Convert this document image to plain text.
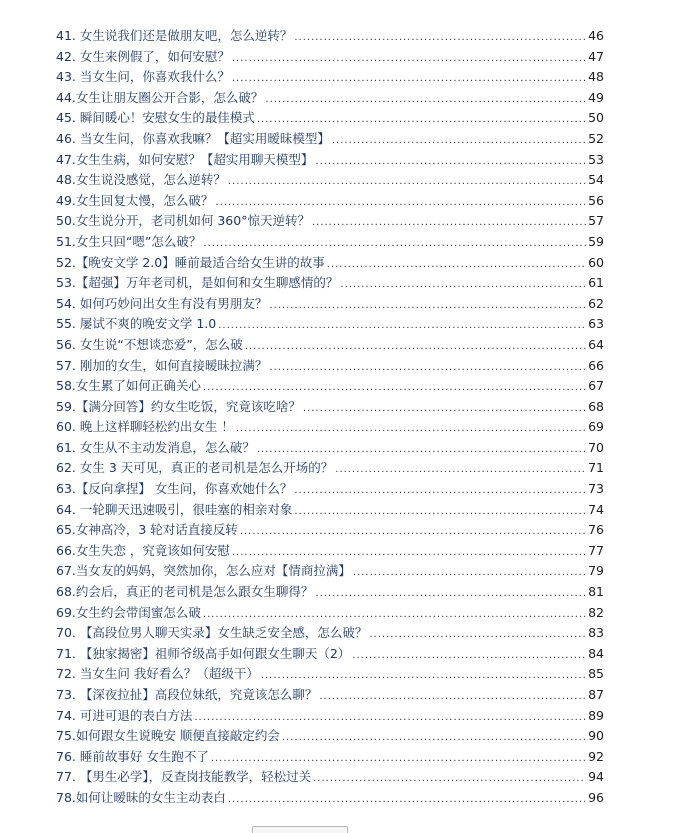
41. 女生说我们还是做朋友吧，怎么逆转？ .....	46
42. 女生来例假了，如何安慰？ .....	47
43. 当女生问，你喜欢我什么？ .....	48
44.女生让朋友圈公开合影，怎么破？ .....	49
45. 瞬间暖心！安慰女生的最佳模式 .....	50
46. 当女生问，你喜欢我嘛？【超实用暧昧模型】 .....	52
47.女生生病，如何安慰？【超实用聊天模型】 .....	53
48.女生说没感觉，怎么逆转？ .....	54
49.女生回复太慢，怎么破？ .....	56
50.女生说分开，老司机如何 360°惊天逆转？ .....	57
51.女生只回“嗯”怎么破？ .....	59
52.【晚安文学 2.0】睡前最适合给女生讲的故事 .....	60
53.【超强】万年老司机，是如何和女生聊感情的？ .....	61
54. 如何巧妙问出女生有没有男朋友？ .....	62
55. 屡试不爽的晚安文学 1.0 .....	63
56. 女生说“不想谈恋爱”，怎么破 .....	64
57. 刚加的女生，如何直接暧昧拉满？ .....	66
58.女生累了如何正确关心 .....	67
59.【满分回答】约女生吃饭，究竟该吃啥？ .....	68
60. 晚上这样聊轻松约出女生 ！ .....	69
61. 女生从不主动发消息，怎么破？ .....	70
62. 女生 3 天可见，真正的老司机是怎么开场的？ .....	71
63.【反向拿捏】 女生问，你喜欢她什么？ .....	73
64. 一轮聊天迅速吸引，很哇塞的相亲对象 .....	74
65.女神高冷，3 轮对话直接反转 .....	76
66.女生失恋 ，究竟该如何安慰 .....	77
67.当女友的妈妈，突然加你，怎么应对【情商拉满】 .....	79
68.约会后，真正的老司机是怎么跟女生聊得？ .....	81
69.女生约会带闺蜜怎么破 .....	82
70. 【高段位男人聊天实录】女生缺乏安全感，怎么破？ .....	83
71. 【独家揭密】祖师爷级高手如何跟女生聊天（2） .....	84
72. 当女生问 我好看么？（超级干） .....	85
73. 【深夜拉扯】高段位妹纸，究竟该怎么聊？ .....	87
74. 可进可退的表白方法 .....	89
75.如何跟女生说晚安 顺便直接敲定约会 .....	90
76. 睡前故事好 女生跑不了 .....	92
77. 【男生必学】，反查岗技能教学，轻松过关 .....	94
78.如何让暧昧的女生主动表白 .....	96
